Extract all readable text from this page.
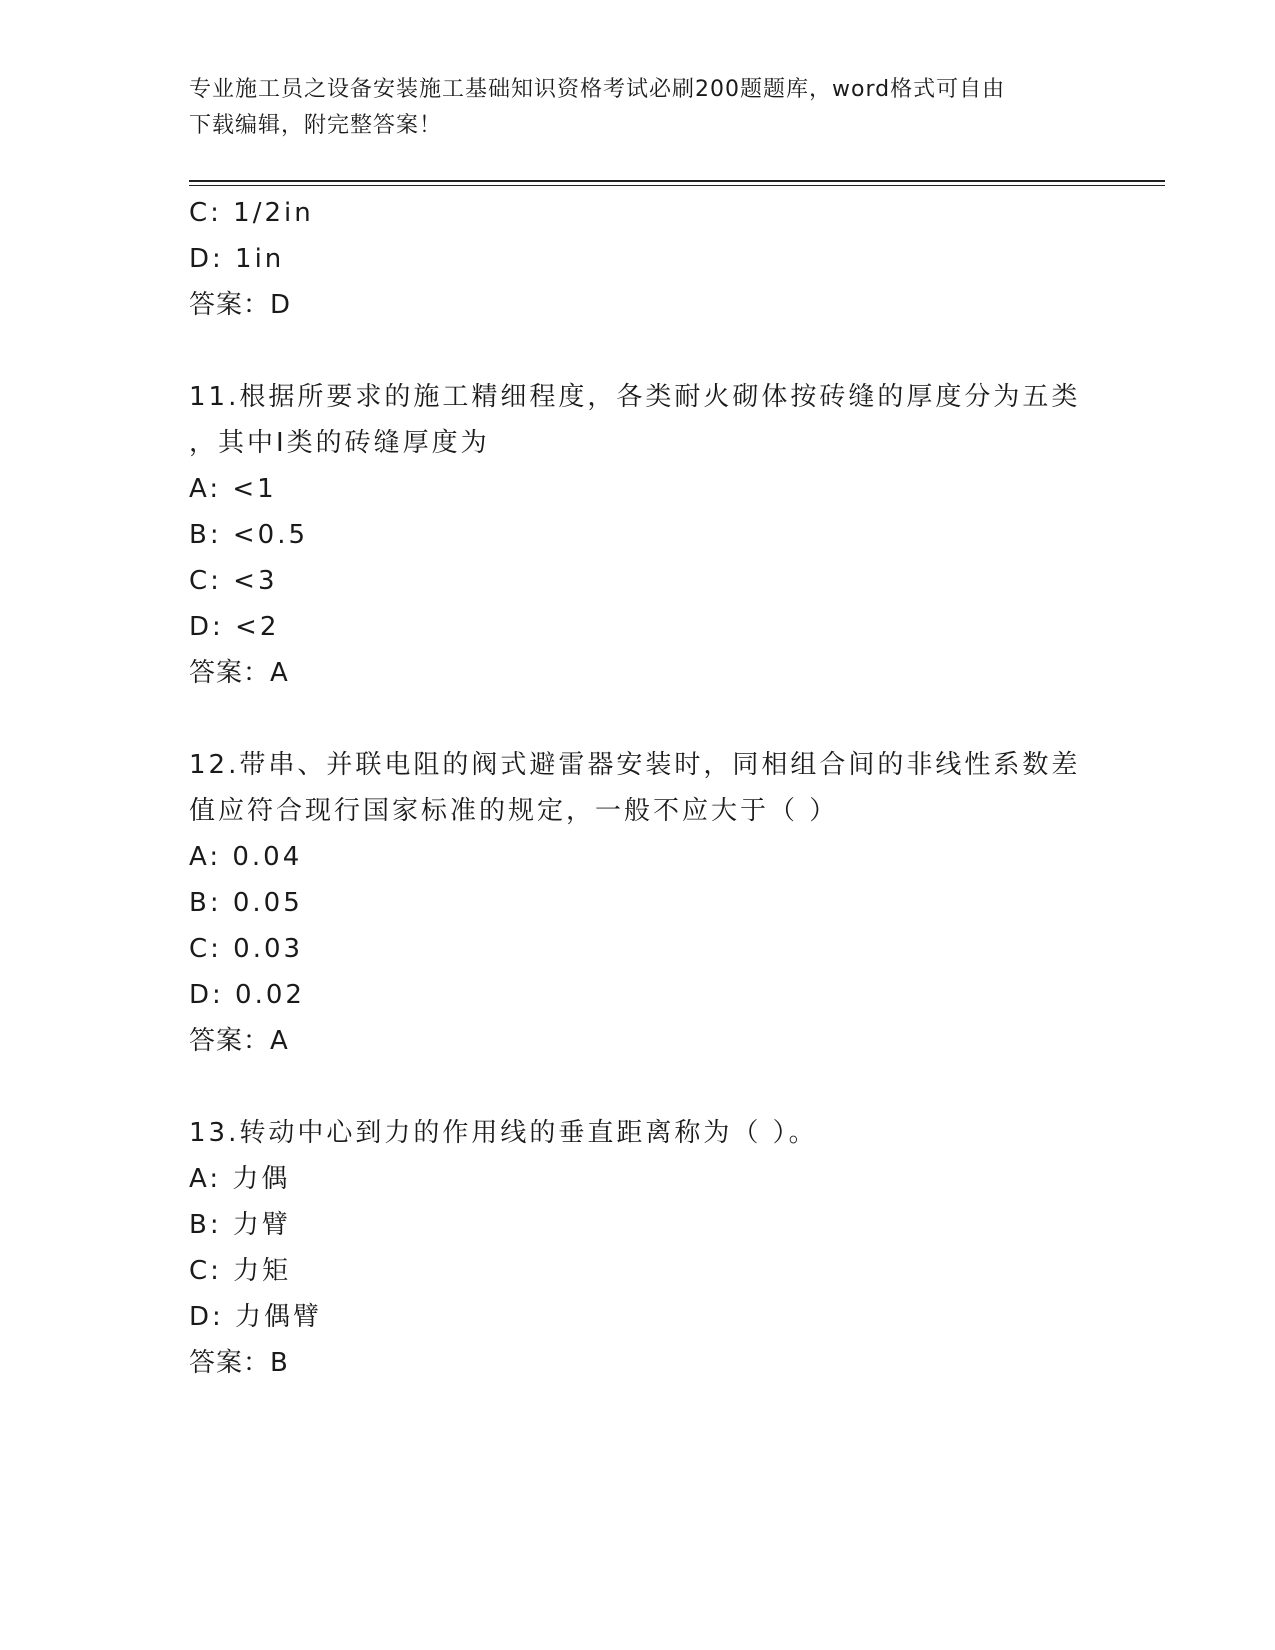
专业施工员之设备安装施工基础知识资格考试必刷200题题库，word格式可自由
下载编辑，附完整答案！
C: 1/2in
D: 1in
答案：D
11.根据所要求的施工精细程度，各类耐火砌体按砖缝的厚度分为五类
，其中Ⅰ类的砖缝厚度为
A: <1
B: <0.5
C: <3
D: <2
答案：A
12.带串、并联电阻的阀式避雷器安装时，同相组合间的非线性系数差
值应符合现行国家标准的规定，一般不应大于（ ）
A: 0.04
B: 0.05
C: 0.03
D: 0.02
答案：A
13.转动中心到力的作用线的垂直距离称为（ ）。
A: 力偶
B: 力臂
C: 力矩
D: 力偶臂
答案：B
